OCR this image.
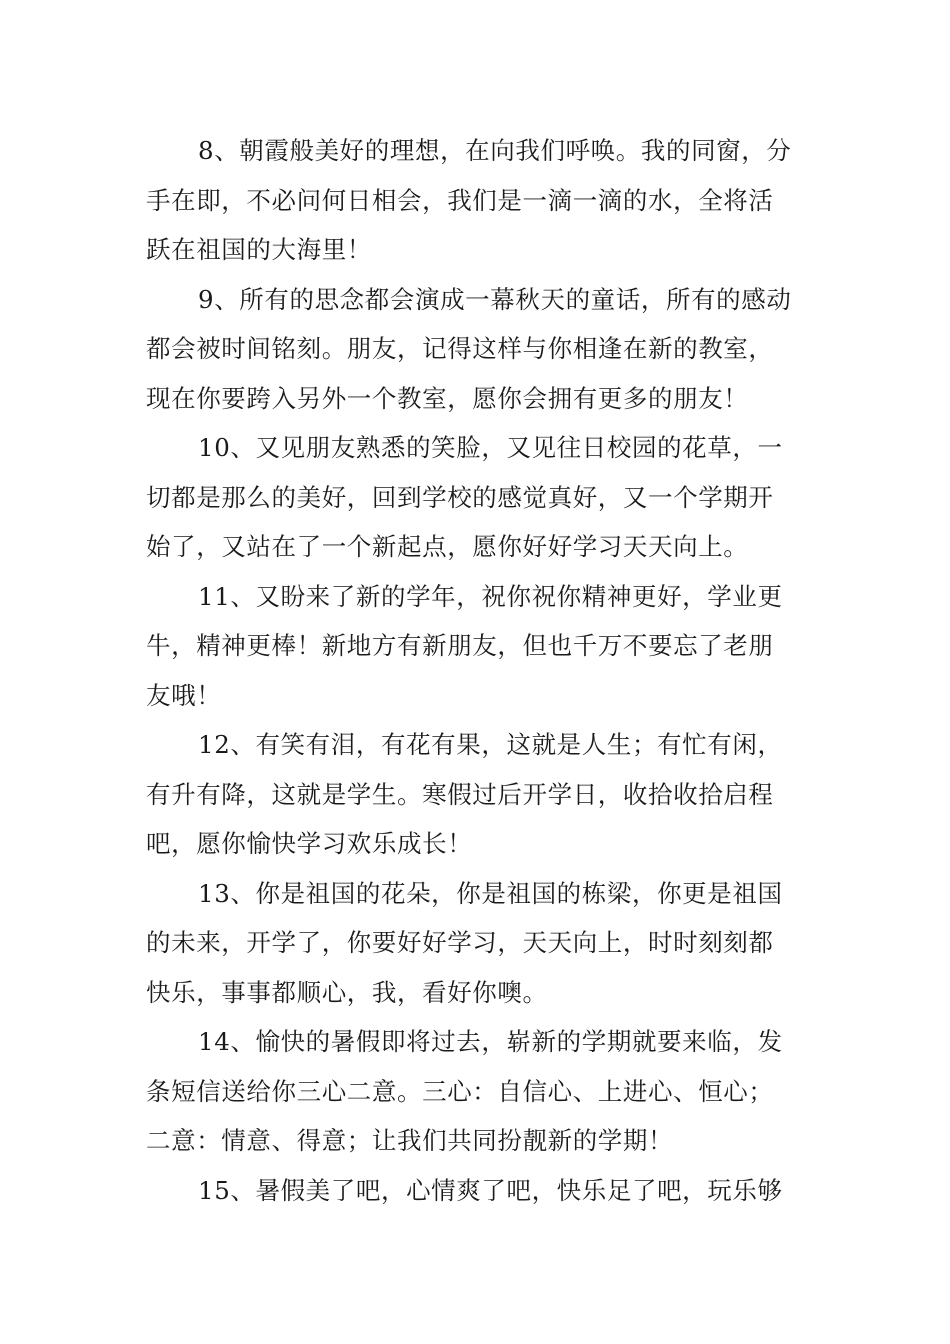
8、朝霞般美好的理想，在向我们呼唤。我的同窗，分
手在即，不必问何日相会，我们是一滴一滴的水，全将活
跃在祖国的大海里！
9、所有的思念都会演成一幕秋天的童话，所有的感动
都会被时间铭刻。朋友，记得这样与你相逢在新的教室，
现在你要跨入另外一个教室，愿你会拥有更多的朋友！
10、又见朋友熟悉的笑脸，又见往日校园的花草，一
切都是那么的美好，回到学校的感觉真好，又一个学期开
始了，又站在了一个新起点，愿你好好学习天天向上。
11、又盼来了新的学年，祝你祝你精神更好，学业更
牛，精神更棒！新地方有新朋友，但也千万不要忘了老朋
友哦！
12、有笑有泪，有花有果，这就是人生；有忙有闲，
有升有降，这就是学生。寒假过后开学日，收拾收拾启程
吧，愿你愉快学习欢乐成长！
13、你是祖国的花朵，你是祖国的栋梁，你更是祖国
的未来，开学了，你要好好学习，天天向上，时时刻刻都
快乐，事事都顺心，我，看好你噢。
14、愉快的暑假即将过去，崭新的学期就要来临，发
条短信送给你三心二意。三心：自信心、上进心、恒心；
二意：情意、得意；让我们共同扮靓新的学期！
15、暑假美了吧，心情爽了吧，快乐足了吧，玩乐够
